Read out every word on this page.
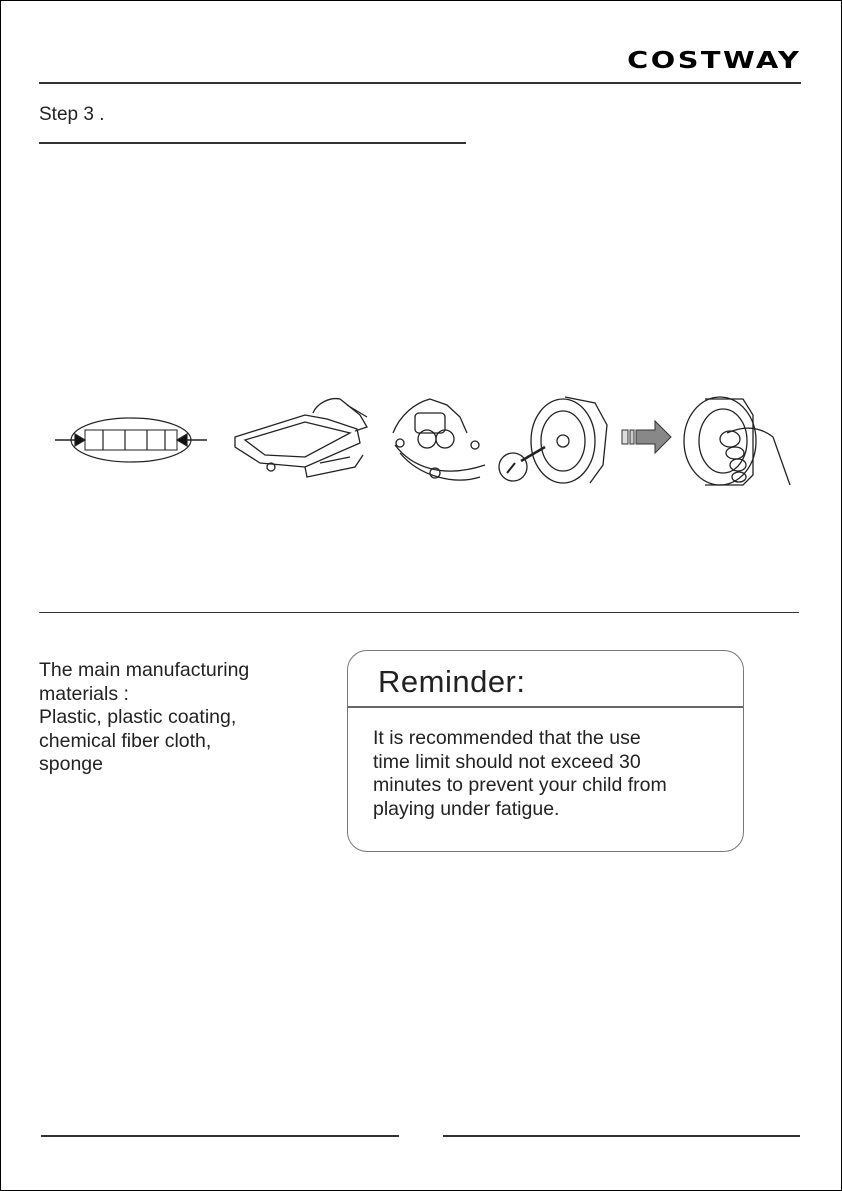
COSTWAY
Step 3 .
The main manufacturing
materials :
Plastic, plastic coating,
chemical fiber cloth,
sponge
Reminder:
It is recommended that the use
time limit should not exceed 30
minutes to prevent your child from
playing under fatigue.
